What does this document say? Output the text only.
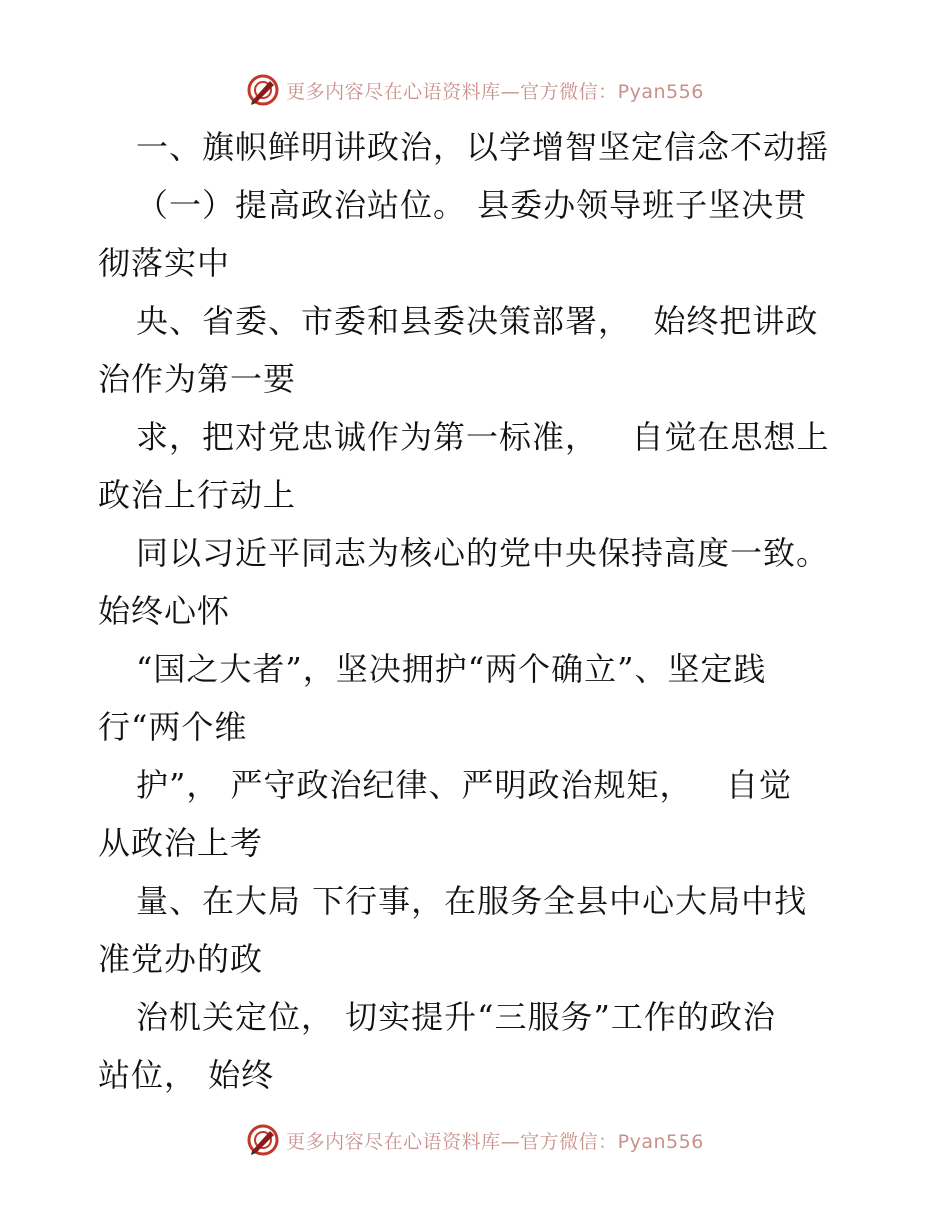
更多内容尽在心语资料库—官方微信：Pyan556
一、旗帜鲜明讲政治，以学增智坚定信念不动摇
（一）提高政治站位。 县委办领导班子坚决贯
彻落实中
央、省委、市委和县委决策部署，  始终把讲政
治作为第一要
求，把对党忠诚作为第一标准，   自觉在思想上
政治上行动上
同以习近平同志为核心的党中央保持高度一致。
始终心怀
“国之大者”，坚决拥护“两个确立”、坚定践
行“两个维
护”， 严守政治纪律、严明政治规矩，   自觉
从政治上考
量、在大局 下行事，在服务全县中心大局中找
准党办的政
治机关定位， 切实提升“三服务”工作的政治
站位， 始终
更多内容尽在心语资料库—官方微信：Pyan556
